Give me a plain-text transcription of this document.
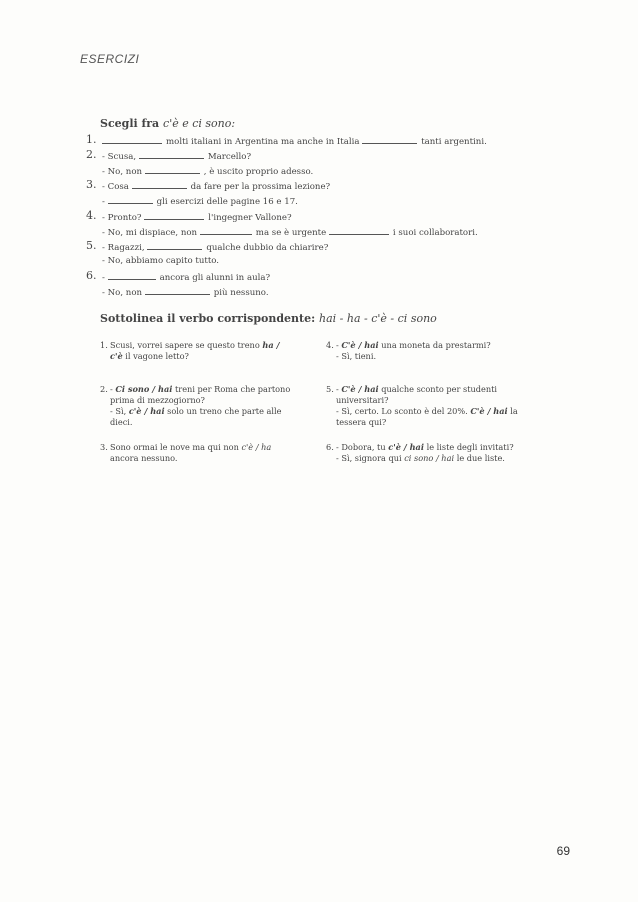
ESERCIZI
Scegli fra c'è e ci sono:
1.	molti italiani in Argentina ma anche in Italia	tanti argentini.
2. - Scusa,	Marcello?
- No, non	, è uscito proprio adesso.
3. - Cosa	da fare per la prossima lezione?
-	gli esercizi delle pagine 16 e 17.
4. - Pronto?	l'ingegner Vallone?
- No, mi dispiace, non	ma se è urgente	i suoi collaboratori.
5. - Ragazzi,	qualche dubbio da chiarire?
- No, abbiamo capito tutto.
6. -	ancora gli alunni in aula?
- No, non	più nessuno.
Sottolinea il verbo corrispondente: hai - ha - c'è - ci sono
1. Scusi, vorrei sapere se questo treno ha / c'è il vagone letto?
4. - C'è / hai una moneta da prestarmi?
- Sì, tieni.
2. - Ci sono / hai treni per Roma che partono prima di mezzogiorno?
- Sì, c'è / hai solo un treno che parte alle dieci.
5. - C'è / hai qualche sconto per studenti universitari?
- Sì, certo. Lo sconto è del 20%. C'è / hai la tessera qui?
3. Sono ormai le nove ma qui non c'è / ha ancora nessuno.
6. - Dobora, tu c'è / hai le liste degli invitati?
- Sì, signora qui ci sono / hai le due liste.
69
